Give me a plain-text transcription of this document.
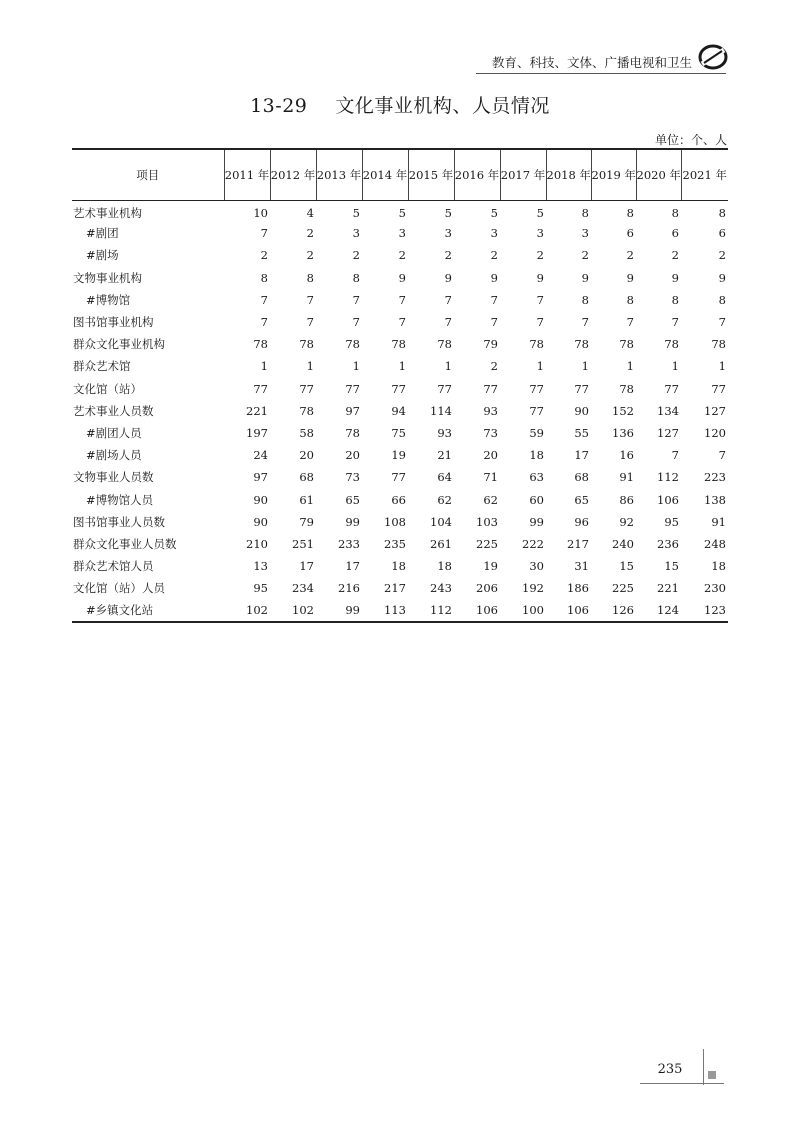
教育、科技、文体、广播电视和卫生
13-29 文化事业机构、人员情况
单位：个、人
项目	2011 年	2012 年	2013 年	2014 年	2015 年	2016 年	2017 年	2018 年	2019 年	2020 年	2021 年
艺术事业机构	10	4	5	5	5	5	5	8	8	8	8
#剧团	7	2	3	3	3	3	3	3	6	6	6
#剧场	2	2	2	2	2	2	2	2	2	2	2
文物事业机构	8	8	8	9	9	9	9	9	9	9	9
#博物馆	7	7	7	7	7	7	7	8	8	8	8
图书馆事业机构	7	7	7	7	7	7	7	7	7	7	7
群众文化事业机构	78	78	78	78	78	79	78	78	78	78	78
群众艺术馆	1	1	1	1	1	2	1	1	1	1	1
文化馆（站）	77	77	77	77	77	77	77	77	78	77	77
艺术事业人员数	221	78	97	94	114	93	77	90	152	134	127
#剧团人员	197	58	78	75	93	73	59	55	136	127	120
#剧场人员	24	20	20	19	21	20	18	17	16	7	7
文物事业人员数	97	68	73	77	64	71	63	68	91	112	223
#博物馆人员	90	61	65	66	62	62	60	65	86	106	138
图书馆事业人员数	90	79	99	108	104	103	99	96	92	95	91
群众文化事业人员数	210	251	233	235	261	225	222	217	240	236	248
群众艺术馆人员	13	17	17	18	18	19	30	31	15	15	18
文化馆（站）人员	95	234	216	217	243	206	192	186	225	221	230
#乡镇文化站	102	102	99	113	112	106	100	106	126	124	123
235
